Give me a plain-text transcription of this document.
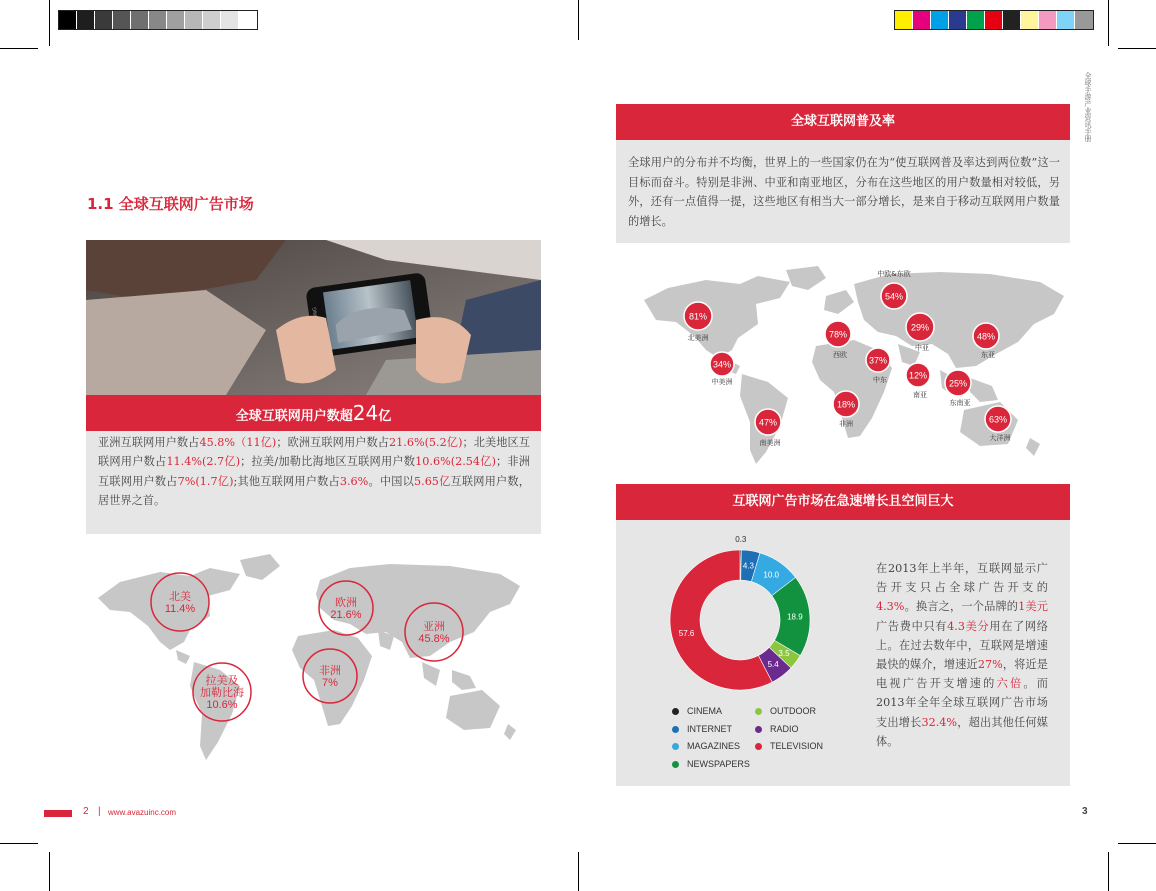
1.1 全球互联网广告市场
全球互联网用户数超24亿
亚洲互联网用户数占45.8%（11亿)；欧洲互联网用户数占21.6%(5.2亿)；北美地区互联网用户数占11.4%(2.7亿)；拉美/加勒比海地区互联网用户数10.6%(2.54亿)；非洲互联网用户数占7%(1.7亿);其他互联网用户数占3.6%。中国以5.65亿互联网用户数，居世界之首。
北美
11.4%	欧洲
21.6%
亚洲
45.8%
拉美及
加勒比海
10.6%
非洲
7%
2 | www.avazuinc.com
全球手游产业资讯手册
全球互联网普及率
全球用户的分布并不均衡，世界上的一些国家仍在为“使互联网普及率达到两位数”这一目标而奋斗。特别是非洲、中亚和南亚地区，分布在这些地区的用户数量相对较低，另外，还有一点值得一提，这些地区有相当大一部分增长，是来自于移动互联网用户数量的增长。
81%
北美洲
34%
中美洲
47%
南美洲
78%
西欧
54%
中欧&东欧
37%
中东
29%
中亚
48%
东亚
18%
非洲
12%
南亚
25%
东南亚
63%
大洋洲
互联网广告市场在急速增长且空间巨大
0.3
4.3
10.0
18.9
3.5
5.4
57.6
在2013年上半年，互联网显示广告开支只占全球广告开支的4.3%。换言之，一个品牌的1美元广告费中只有4.3美分用在了网络上。在过去数年中，互联网是增速最快的媒介，增速近27%，将近是电视广告开支增速的六倍。而2013年全年全球互联网广告市场支出增长32.4%，超出其他任何媒体。
3
CINEMA	OUTDOOR
INTERNET	RADIO
MAGAZINES	TELEVISION
NEWSPAPERS
